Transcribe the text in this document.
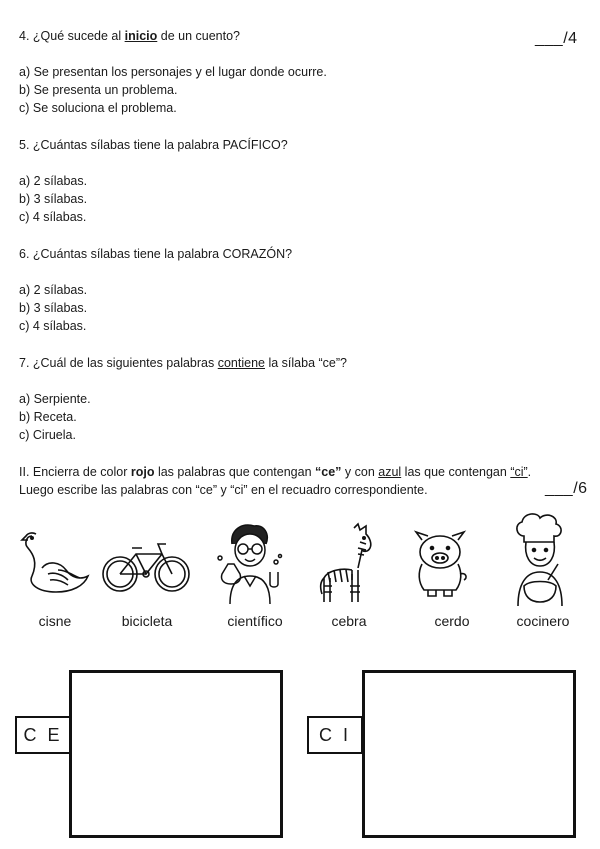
4. ¿Qué sucede al inicio de un cuento?	___/4
a) Se presentan los personajes y el lugar donde ocurre.
b) Se presenta un problema.
c) Se soluciona el problema.
5. ¿Cuántas sílabas tiene la palabra PACÍFICO?
a) 2 sílabas.
b) 3 sílabas.
c) 4 sílabas.
6. ¿Cuántas sílabas tiene la palabra CORAZÓN?
a) 2 sílabas.
b) 3 sílabas.
c) 4 sílabas.
7. ¿Cuál de las siguientes palabras contiene la sílaba “ce”?
a) Serpiente.
b) Receta.
c) Ciruela.
II. Encierra de color rojo las palabras que contengan “ce” y con azul las que contengan “ci”.
Luego escribe las palabras con “ce” y “ci” en el recuadro correspondiente.	___/6
cisne	bicicleta	científico	cebra	cerdo	cocinero
C E	C I
